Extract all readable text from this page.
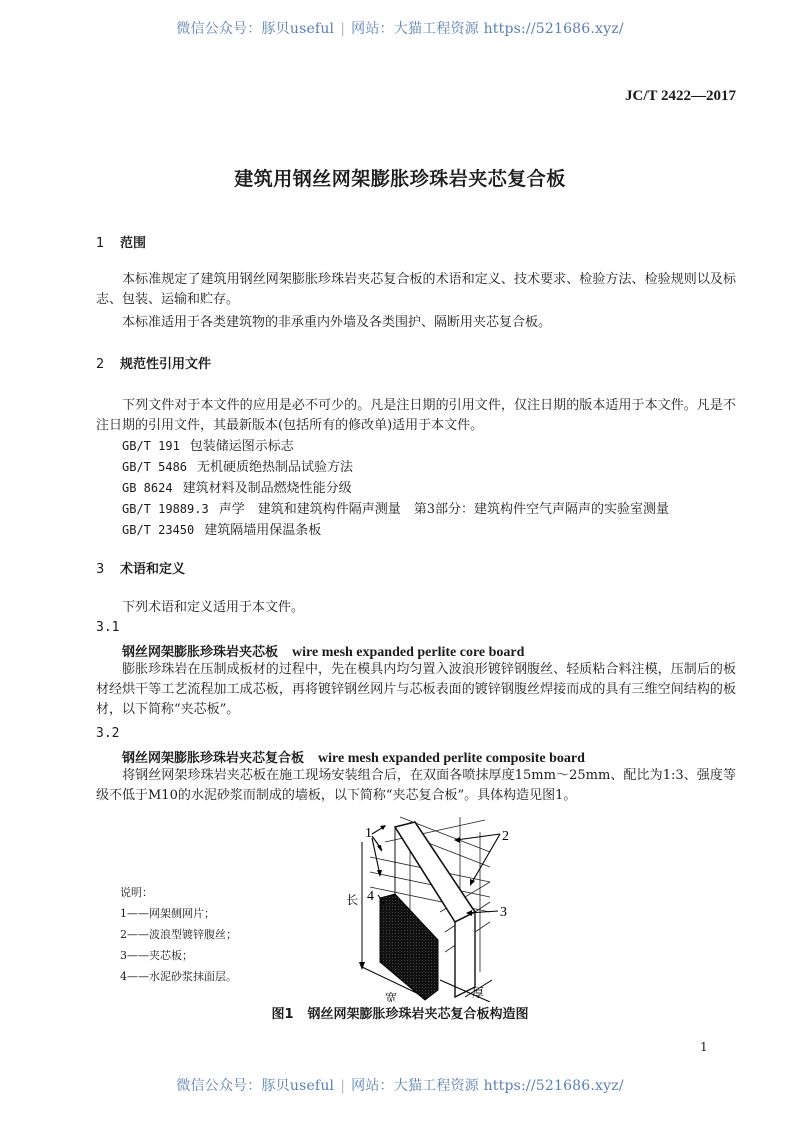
微信公众号：豚贝useful | 网站：大猫工程资源 https://521686.xyz/
JC/T 2422—2017
建筑用钢丝网架膨胀珍珠岩夹芯复合板
1 范围
本标准规定了建筑用钢丝网架膨胀珍珠岩夹芯复合板的术语和定义、技术要求、检验方法、检验规则以及标志、包装、运输和贮存。
本标准适用于各类建筑物的非承重内外墙及各类围护、隔断用夹芯复合板。
2 规范性引用文件
下列文件对于本文件的应用是必不可少的。凡是注日期的引用文件，仅注日期的版本适用于本文件。凡是不注日期的引用文件，其最新版本(包括所有的修改单)适用于本文件。
GB/T 191 包装储运图示标志
GB/T 5486 无机硬质绝热制品试验方法
GB 8624 建筑材料及制品燃烧性能分级
GB/T 19889.3 声学　建筑和建筑构件隔声测量　第3部分：建筑构件空气声隔声的实验室测量
GB/T 23450 建筑隔墙用保温条板
3 术语和定义
下列术语和定义适用于本文件。
3.1
钢丝网架膨胀珍珠岩夹芯板 wire mesh expanded perlite core board
膨胀珍珠岩在压制成板材的过程中，先在模具内均匀置入波浪形镀锌钢腹丝、轻质粘合料注模，压制后的板材经烘干等工艺流程加工成芯板，再将镀锌钢丝网片与芯板表面的镀锌钢腹丝焊接而成的具有三维空间结构的板材，以下简称“夹芯板”。
3.2
钢丝网架膨胀珍珠岩夹芯复合板 wire mesh expanded perlite composite board
将钢丝网架珍珠岩夹芯板在施工现场安装组合后，在双面各喷抹厚度15mm～25mm、配比为1:3、强度等级不低于M10的水泥砂浆而制成的墙板，以下简称“夹芯复合板”。具体构造见图1。
说明：
1——网架侧网片；
2——波浪型镀锌腹丝；
3——夹芯板；
4——水泥砂浆抹面层。
1	2
3
4
长
宽	厚
图1 钢丝网架膨胀珍珠岩夹芯复合板构造图
1
微信公众号：豚贝useful | 网站：大猫工程资源 https://521686.xyz/
